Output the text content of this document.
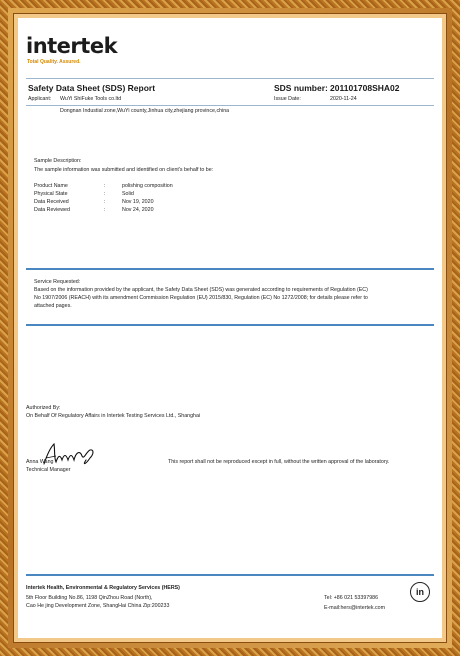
intertek
Total Quality. Assured.
Safety Data Sheet (SDS) Report	SDS number: 201101708SHA02
Applicant: WuYi ShiFuke Tools co.ltd	Issue Date:	2020-11-24
Dongnan Industial zone,WuYi county,Jinhua city,zhejiang province,china
Sample Description:
The sample information was submitted and identified on client's behalf to be:
Product Name	:	polishing composition
Physical State	:	Solid
Data Received	:	Nov 19, 2020
Data Reviewed	:	Nov 24, 2020
Service Requested:
Based on the information provided by the applicant, the Safety Data Sheet (SDS) was generated according to requirements of Regulation (EC)
No 1907/2006 (REACH) with its amendment Commission Regulation (EU) 2015/830, Regulation (EC) No 1272/2008; for details please refer to
attached pages.
Authorized By:
On Behalf Of Regulatory Affairs in Intertek Testing Services Ltd., Shanghai
Anna Wang
Technical Manager
This report shall not be reproduced except in full, without the written approval of the laboratory.
Intertek Health, Environmental & Regulatory Services (HERS)
5th Floor Building No.86, 1198 QinZhou Road (North),
Cao He jing Development Zone, ShangHai China Zip:200233
Tel: +86 021 53397986
E-mail:hers@intertek.com
in
